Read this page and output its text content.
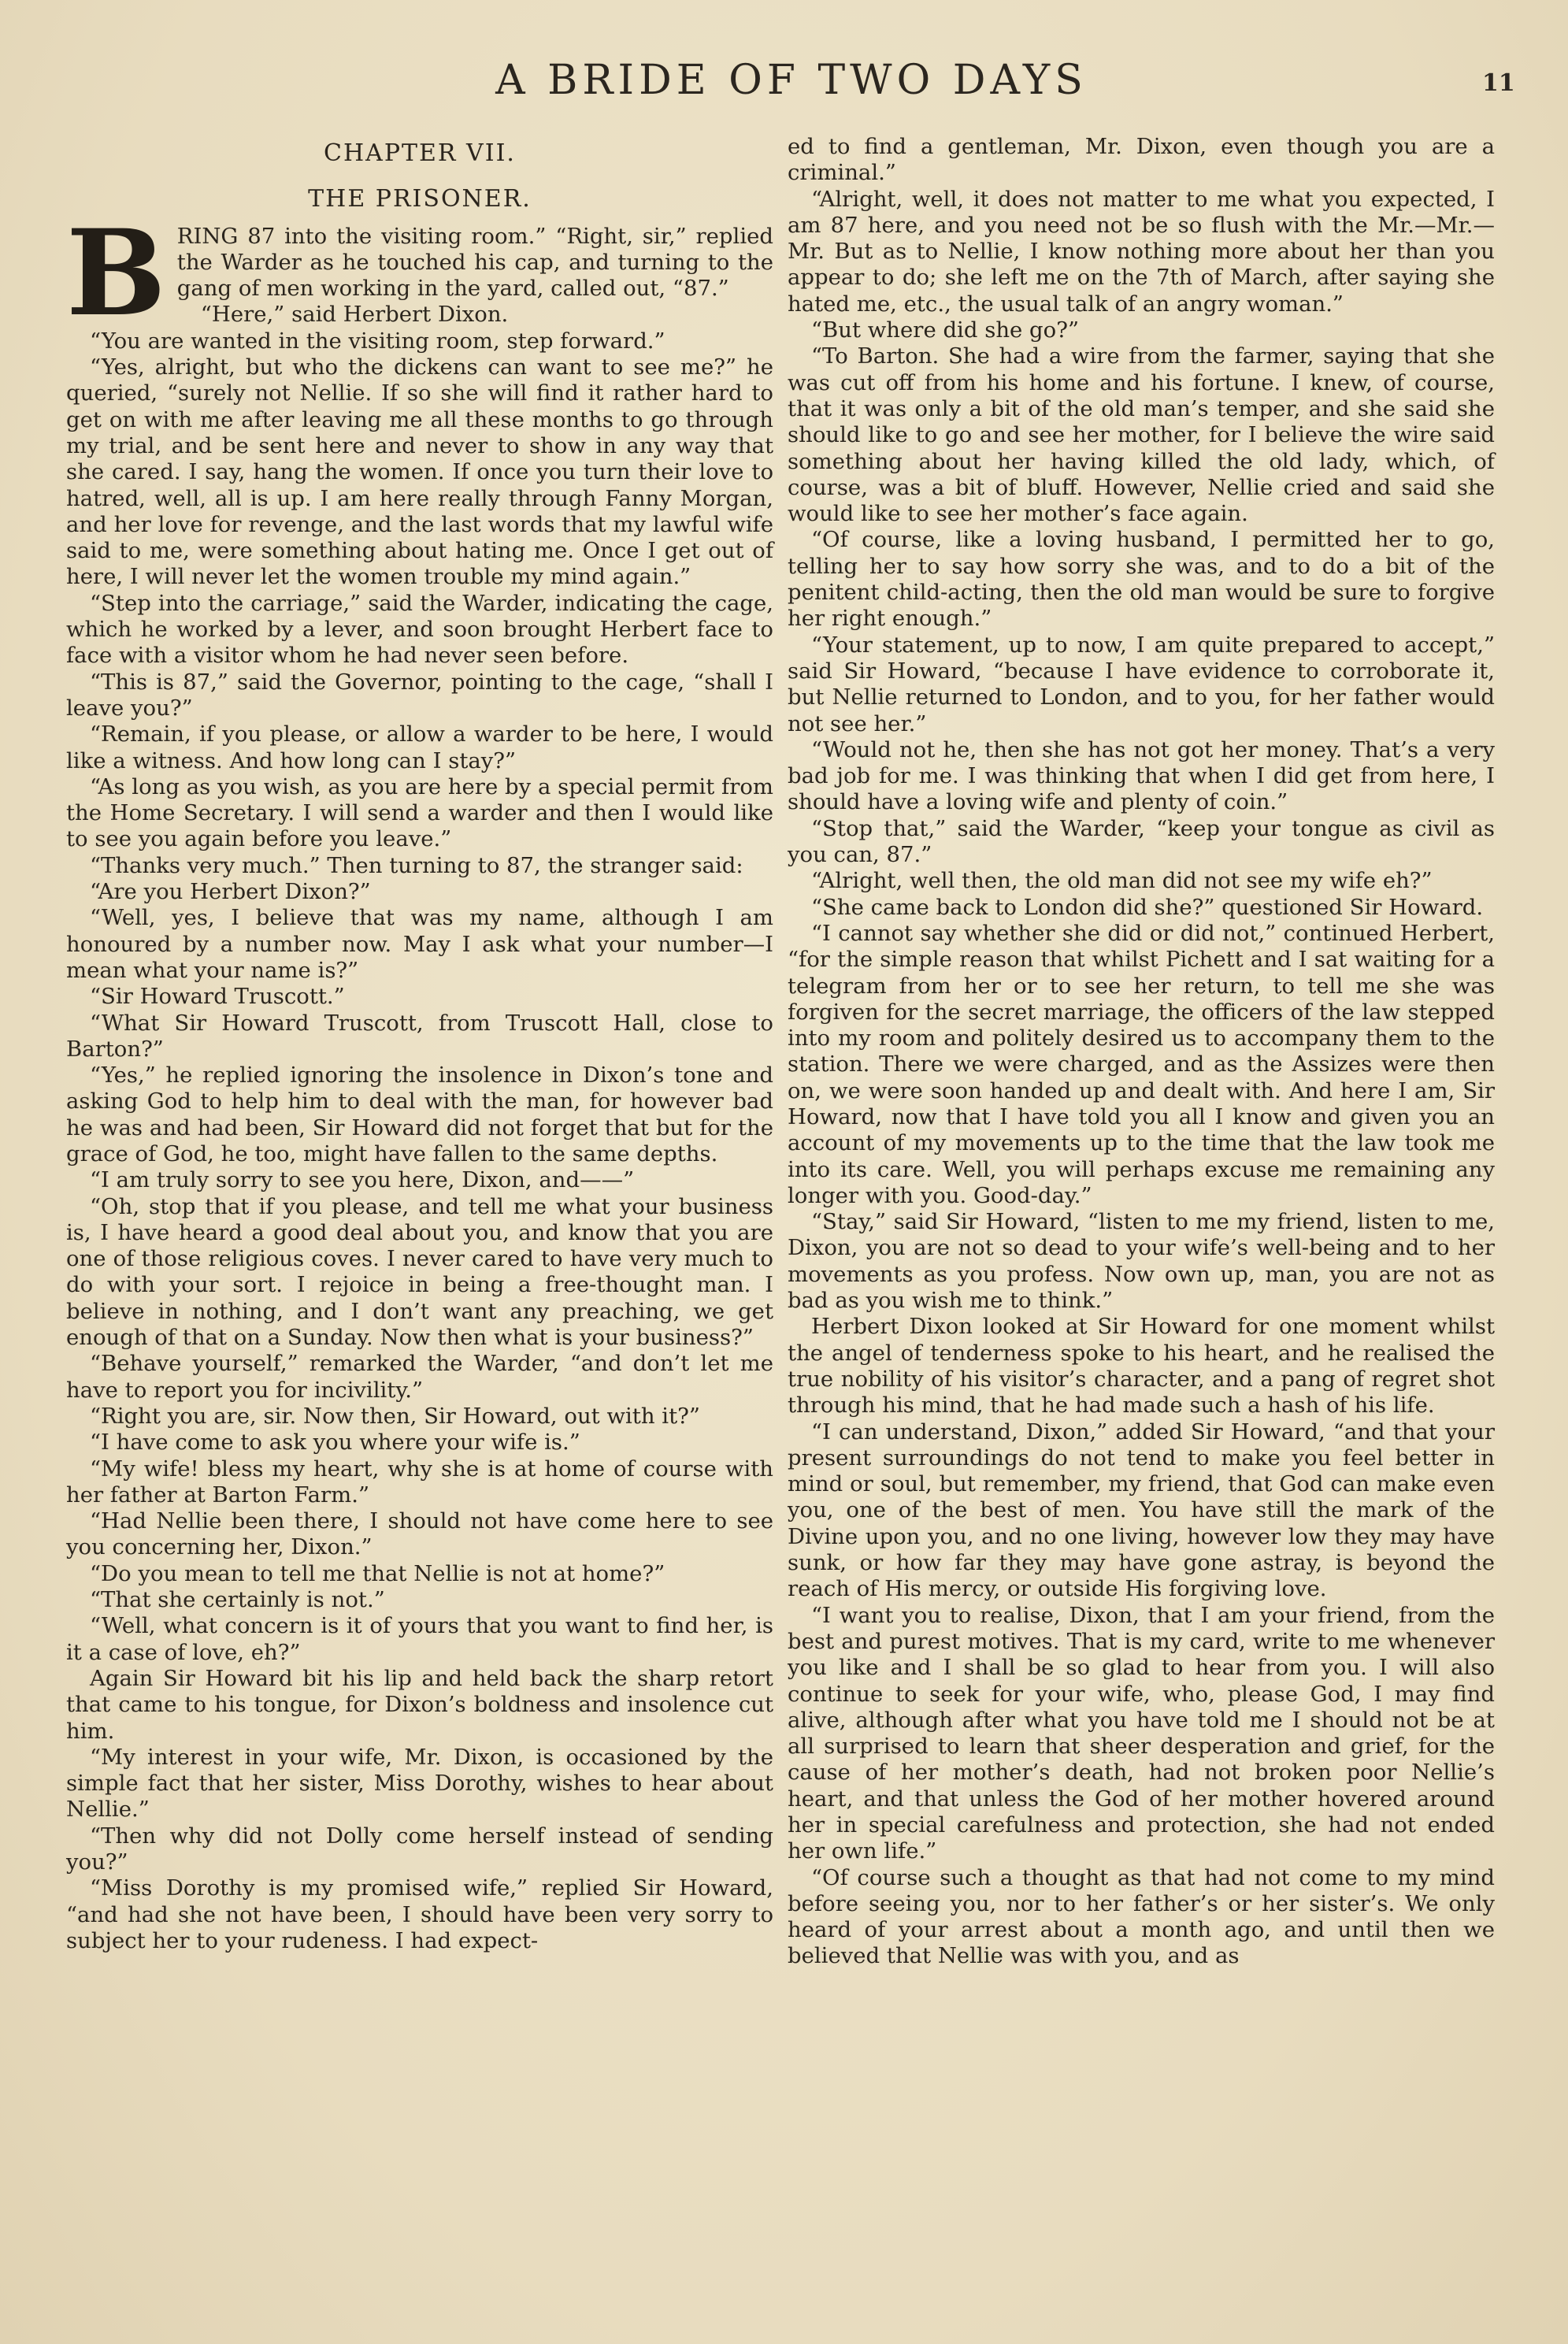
A BRIDE OF TWO DAYS	11
CHAPTER VII.
THE PRISONER.

BRING 87 into the visiting room.” “Right, sir,” replied the Warder as he touched his cap, and turning to the gang of men working in the yard, called out, “87.”

“Here,” said Herbert Dixon.

“You are wanted in the visiting room, step forward.”

“Yes, alright, but who the dickens can want to see me?” he queried, “surely not Nellie. If so she will find it rather hard to get on with me after leaving me all these months to go through my trial, and be sent here and never to show in any way that she cared. I say, hang the women. If once you turn their love to hatred, well, all is up. I am here really through Fanny Morgan, and her love for revenge, and the last words that my lawful wife said to me, were something about hating me. Once I get out of here, I will never let the women trouble my mind again.”

“Step into the carriage,” said the Warder, indicating the cage, which he worked by a lever, and soon brought Herbert face to face with a visitor whom he had never seen before.

“This is 87,” said the Governor, pointing to the cage, “shall I leave you?”

“Remain, if you please, or allow a warder to be here, I would like a witness. And how long can I stay?”

“As long as you wish, as you are here by a special permit from the Home Secretary. I will send a warder and then I would like to see you again before you leave.”

“Thanks very much.” Then turning to 87, the stranger said:

“Are you Herbert Dixon?”

“Well, yes, I believe that was my name, although I am honoured by a number now. May I ask what your number—I mean what your name is?”

“Sir Howard Truscott.”

“What Sir Howard Truscott, from Truscott Hall, close to Barton?”

“Yes,” he replied ignoring the insolence in Dixon’s tone and asking God to help him to deal with the man, for however bad he was and had been, Sir Howard did not forget that but for the grace of God, he too, might have fallen to the same depths.

“I am truly sorry to see you here, Dixon, and——”

“Oh, stop that if you please, and tell me what your business is, I have heard a good deal about you, and know that you are one of those religious coves. I never cared to have very much to do with your sort. I rejoice in being a free-thought man. I believe in nothing, and I don’t want any preaching, we get enough of that on a Sunday. Now then what is your business?”

“Behave yourself,” remarked the Warder, “and don’t let me have to report you for incivility.”

“Right you are, sir. Now then, Sir Howard, out with it?”

“I have come to ask you where your wife is.”

“My wife! bless my heart, why she is at home of course with her father at Barton Farm.”

“Had Nellie been there, I should not have come here to see you concerning her, Dixon.”

“Do you mean to tell me that Nellie is not at home?”

“That she certainly is not.”

“Well, what concern is it of yours that you want to find her, is it a case of love, eh?”

Again Sir Howard bit his lip and held back the sharp retort that came to his tongue, for Dixon’s boldness and insolence cut him.

“My interest in your wife, Mr. Dixon, is occasioned by the simple fact that her sister, Miss Dorothy, wishes to hear about Nellie.”

“Then why did not Dolly come herself instead of sending you?”

“Miss Dorothy is my promised wife,” replied Sir Howard, “and had she not have been, I should have been very sorry to subject her to your rudeness. I had expect-

ed to find a gentleman, Mr. Dixon, even though you are a criminal.”

“Alright, well, it does not matter to me what you expected, I am 87 here, and you need not be so flush with the Mr.—Mr.—Mr. But as to Nellie, I know nothing more about her than you appear to do; she left me on the 7th of March, after saying she hated me, etc., the usual talk of an angry woman.”

“But where did she go?”

“To Barton. She had a wire from the farmer, saying that she was cut off from his home and his fortune. I knew, of course, that it was only a bit of the old man’s temper, and she said she should like to go and see her mother, for I believe the wire said something about her having killed the old lady, which, of course, was a bit of bluff. However, Nellie cried and said she would like to see her mother’s face again.

“Of course, like a loving husband, I permitted her to go, telling her to say how sorry she was, and to do a bit of the penitent child-acting, then the old man would be sure to forgive her right enough.”

“Your statement, up to now, I am quite prepared to accept,” said Sir Howard, “because I have evidence to corroborate it, but Nellie returned to London, and to you, for her father would not see her.”

“Would not he, then she has not got her money. That’s a very bad job for me. I was thinking that when I did get from here, I should have a loving wife and plenty of coin.”

“Stop that,” said the Warder, “keep your tongue as civil as you can, 87.”

“Alright, well then, the old man did not see my wife eh?”

“She came back to London did she?” questioned Sir Howard.

“I cannot say whether she did or did not,” continued Herbert, “for the simple reason that whilst Pichett and I sat waiting for a telegram from her or to see her return, to tell me she was forgiven for the secret marriage, the officers of the law stepped into my room and politely desired us to accompany them to the station. There we were charged, and as the Assizes were then on, we were soon handed up and dealt with. And here I am, Sir Howard, now that I have told you all I know and given you an account of my movements up to the time that the law took me into its care. Well, you will perhaps excuse me remaining any longer with you. Good-day.”

“Stay,” said Sir Howard, “listen to me my friend, listen to me, Dixon, you are not so dead to your wife’s well-being and to her movements as you profess. Now own up, man, you are not as bad as you wish me to think.”

Herbert Dixon looked at Sir Howard for one moment whilst the angel of tenderness spoke to his heart, and he realised the true nobility of his visitor’s character, and a pang of regret shot through his mind, that he had made such a hash of his life.

“I can understand, Dixon,” added Sir Howard, “and that your present surroundings do not tend to make you feel better in mind or soul, but remember, my friend, that God can make even you, one of the best of men. You have still the mark of the Divine upon you, and no one living, however low they may have sunk, or how far they may have gone astray, is beyond the reach of His mercy, or outside His forgiving love.

“I want you to realise, Dixon, that I am your friend, from the best and purest motives. That is my card, write to me whenever you like and I shall be so glad to hear from you. I will also continue to seek for your wife, who, please God, I may find alive, although after what you have told me I should not be at all surprised to learn that sheer desperation and grief, for the cause of her mother’s death, had not broken poor Nellie’s heart, and that unless the God of her mother hovered around her in special carefulness and protection, she had not ended her own life.”

“Of course such a thought as that had not come to my mind before seeing you, nor to her father’s or her sister’s. We only heard of your arrest about a month ago, and until then we believed that Nellie was with you, and as
